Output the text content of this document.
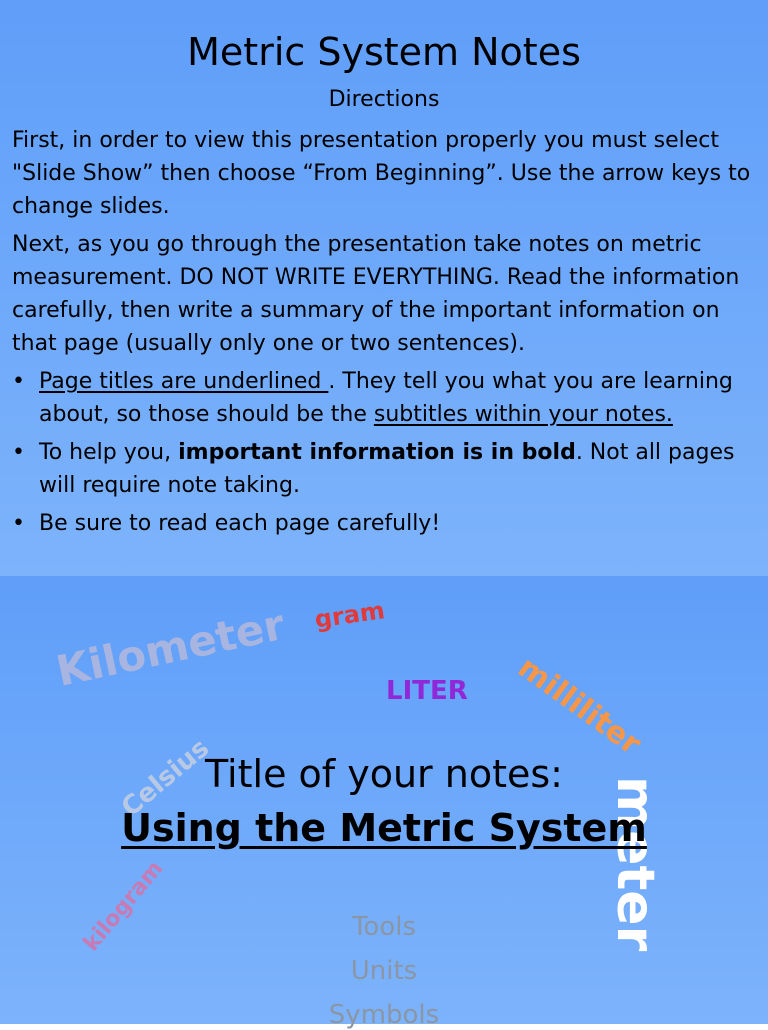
Metric System Notes
Directions

First, in order to view this presentation properly you must select "Slide Show” then choose “From Beginning”. Use the arrow keys to change slides.

Next, as you go through the presentation take notes on metric measurement. DO NOT WRITE EVERYTHING. Read the information carefully, then write a summary of the important information on that page (usually only one or two sentences).

• Page titles are underlined . They tell you what you are learning about, so those should be the subtitles within your notes.
• To help you, important information is in bold. Not all pages will require note taking.
• Be sure to read each page carefully!
gram
Kilometer	LITER milliliter
Celsius
kilogram	meter
Title of your notes:
Using the Metric System
Tools
Units
Symbols
